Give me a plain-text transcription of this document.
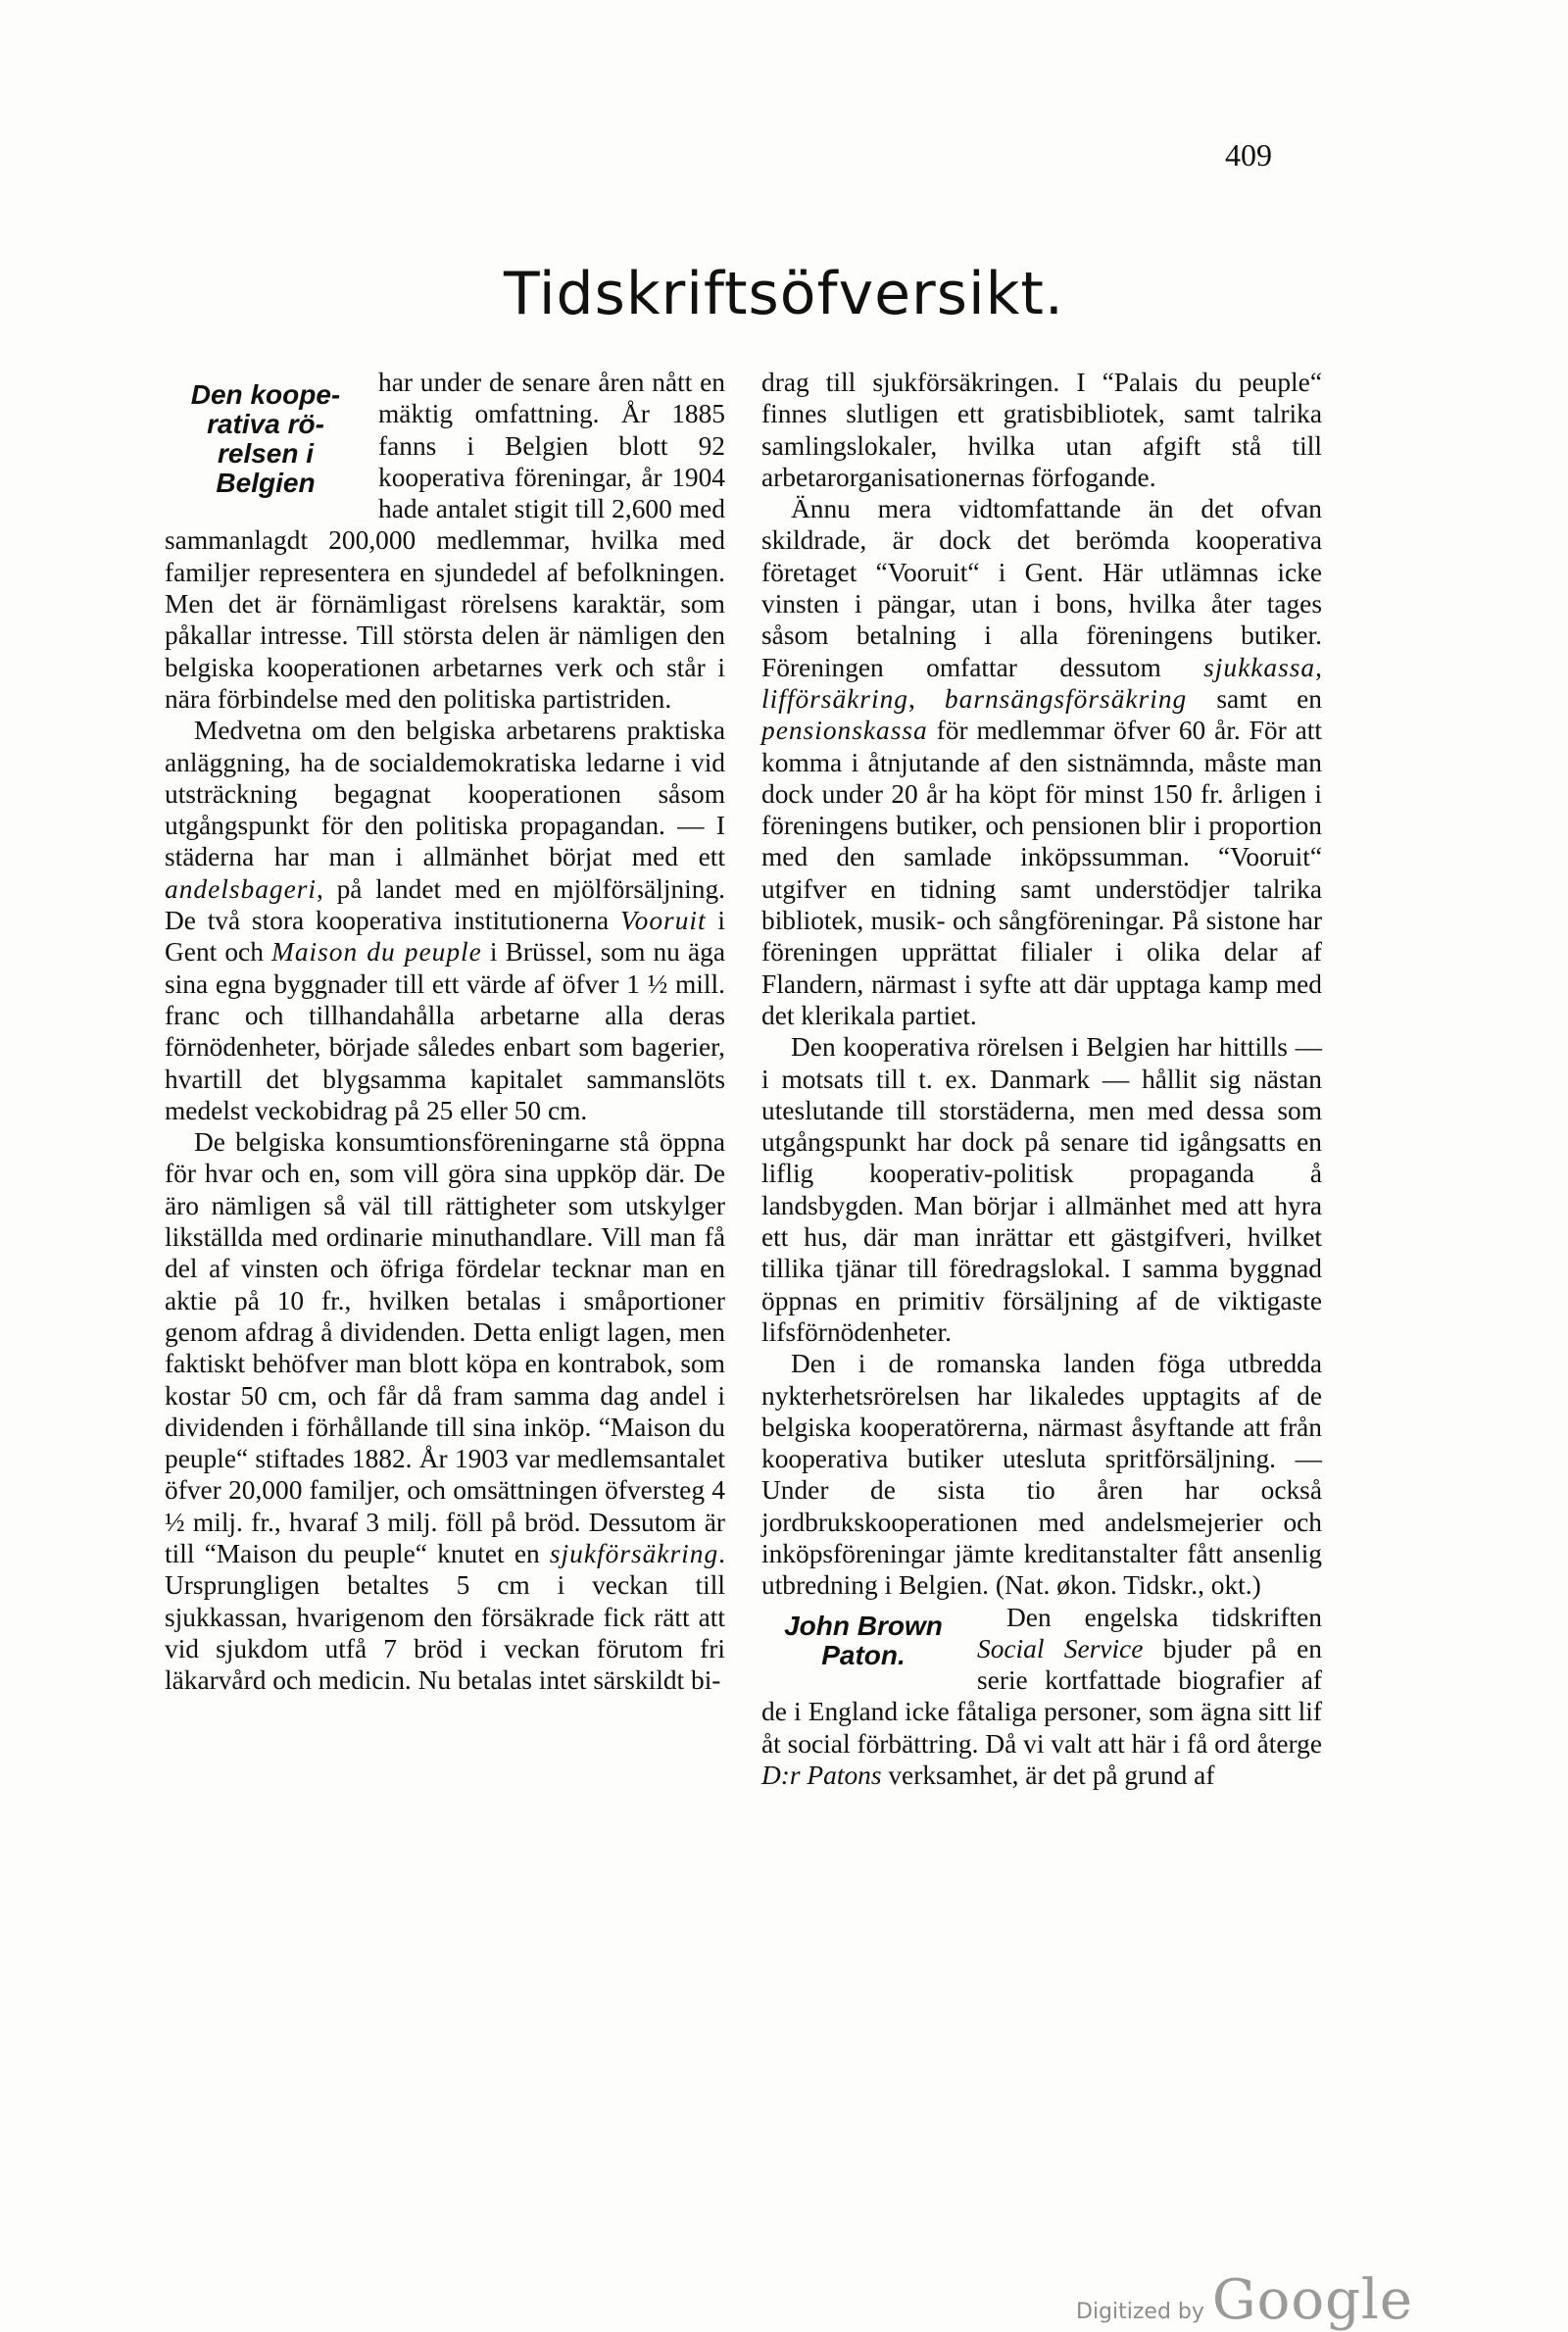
409
Tidskriftsöfversikt.
Den koope-
rativa rö-
relsen i
Belgien

har under de senare åren nått en mäktig omfattning. År 1885 fanns i Belgien blott 92 kooperativa föreningar, år 1904 hade antalet stigit till 2,600 med sammanlagdt 200,000 medlemmar, hvilka med familjer representera en sjundedel af befolkningen. Men det är förnämligast rörelsens karaktär, som påkallar intresse. Till största delen är nämligen den belgiska kooperationen arbetarnes verk och står i nära förbindelse med den politiska partistriden.

Medvetna om den belgiska arbetarens praktiska anläggning, ha de socialdemokratiska ledarne i vid utsträckning begagnat kooperationen såsom utgångspunkt för den politiska propagandan. — I städerna har man i allmänhet börjat med ett andelsbageri, på landet med en mjölförsäljning. De två stora kooperativa institutionerna Vooruit i Gent och Maison du peuple i Brüssel, som nu äga sina egna byggnader till ett värde af öfver 1 ½ mill. franc och tillhandahålla arbetarne alla deras förnödenheter, började således enbart som bagerier, hvartill det blygsamma kapitalet sammanslöts medelst veckobidrag på 25 eller 50 cm.

De belgiska konsumtionsföreningarne stå öppna för hvar och en, som vill göra sina uppköp där. De äro nämligen så väl till rättigheter som utskylger likställda med ordinarie minuthandlare. Vill man få del af vinsten och öfriga fördelar tecknar man en aktie på 10 fr., hvilken betalas i småportioner genom afdrag å dividenden. Detta enligt lagen, men faktiskt behöfver man blott köpa en kontrabok, som kostar 50 cm, och får då fram samma dag andel i dividenden i förhållande till sina inköp. “Maison du peuple“ stiftades 1882. År 1903 var medlemsantalet öfver 20,000 familjer, och omsättningen öfversteg 4 ½ milj. fr., hvaraf 3 milj. föll på bröd. Dessutom är till “Maison du peuple“ knutet en sjukförsäkring. Ursprungligen betaltes 5 cm i veckan till sjukkassan, hvarigenom den försäkrade fick rätt att vid sjukdom utfå 7 bröd i veckan förutom fri läkarvård och medicin. Nu betalas intet särskildt bi-

drag till sjukförsäkringen. I “Palais du peuple“ finnes slutligen ett gratisbibliotek, samt talrika samlingslokaler, hvilka utan afgift stå till arbetarorganisationernas förfogande.

Ännu mera vidtomfattande än det ofvan skildrade, är dock det berömda kooperativa företaget “Vooruit“ i Gent. Här utlämnas icke vinsten i pängar, utan i bons, hvilka åter tages såsom betalning i alla föreningens butiker. Föreningen omfattar dessutom sjukkassa, lifförsäkring, barnsängsförsäkring samt en pensionskassa för medlemmar öfver 60 år. För att komma i åtnjutande af den sistnämnda, måste man dock under 20 år ha köpt för minst 150 fr. årligen i föreningens butiker, och pensionen blir i proportion med den samlade inköpssumman. “Vooruit“ utgifver en tidning samt understödjer talrika bibliotek, musik- och sångföreningar. På sistone har föreningen upprättat filialer i olika delar af Flandern, närmast i syfte att där upptaga kamp med det klerikala partiet.

Den kooperativa rörelsen i Belgien har hittills — i motsats till t. ex. Danmark — hållit sig nästan uteslutande till storstäderna, men med dessa som utgångspunkt har dock på senare tid igångsatts en liflig kooperativ-politisk propaganda å landsbygden. Man börjar i allmänhet med att hyra ett hus, där man inrättar ett gästgifveri, hvilket tillika tjänar till föredragslokal. I samma byggnad öppnas en primitiv försäljning af de viktigaste lifsförnödenheter.

Den i de romanska landen föga utbredda nykterhetsrörelsen har likaledes upptagits af de belgiska kooperatörerna, närmast åsyftande att från kooperativa butiker utesluta spritförsäljning. — Under de sista tio åren har också jordbrukskooperationen med andelsmejerier och inköpsföreningar jämte kreditanstalter fått ansenlig utbredning i Belgien. (Nat. økon. Tidskr., okt.)

John Brown
Paton.

Den engelska tidskriften Social Service bjuder på en serie kortfattade biografier af de i England icke fåtaliga personer, som ägna sitt lif åt social förbättring. Då vi valt att här i få ord återge D:r Patons verksamhet, är det på grund af

Digitized by Google
